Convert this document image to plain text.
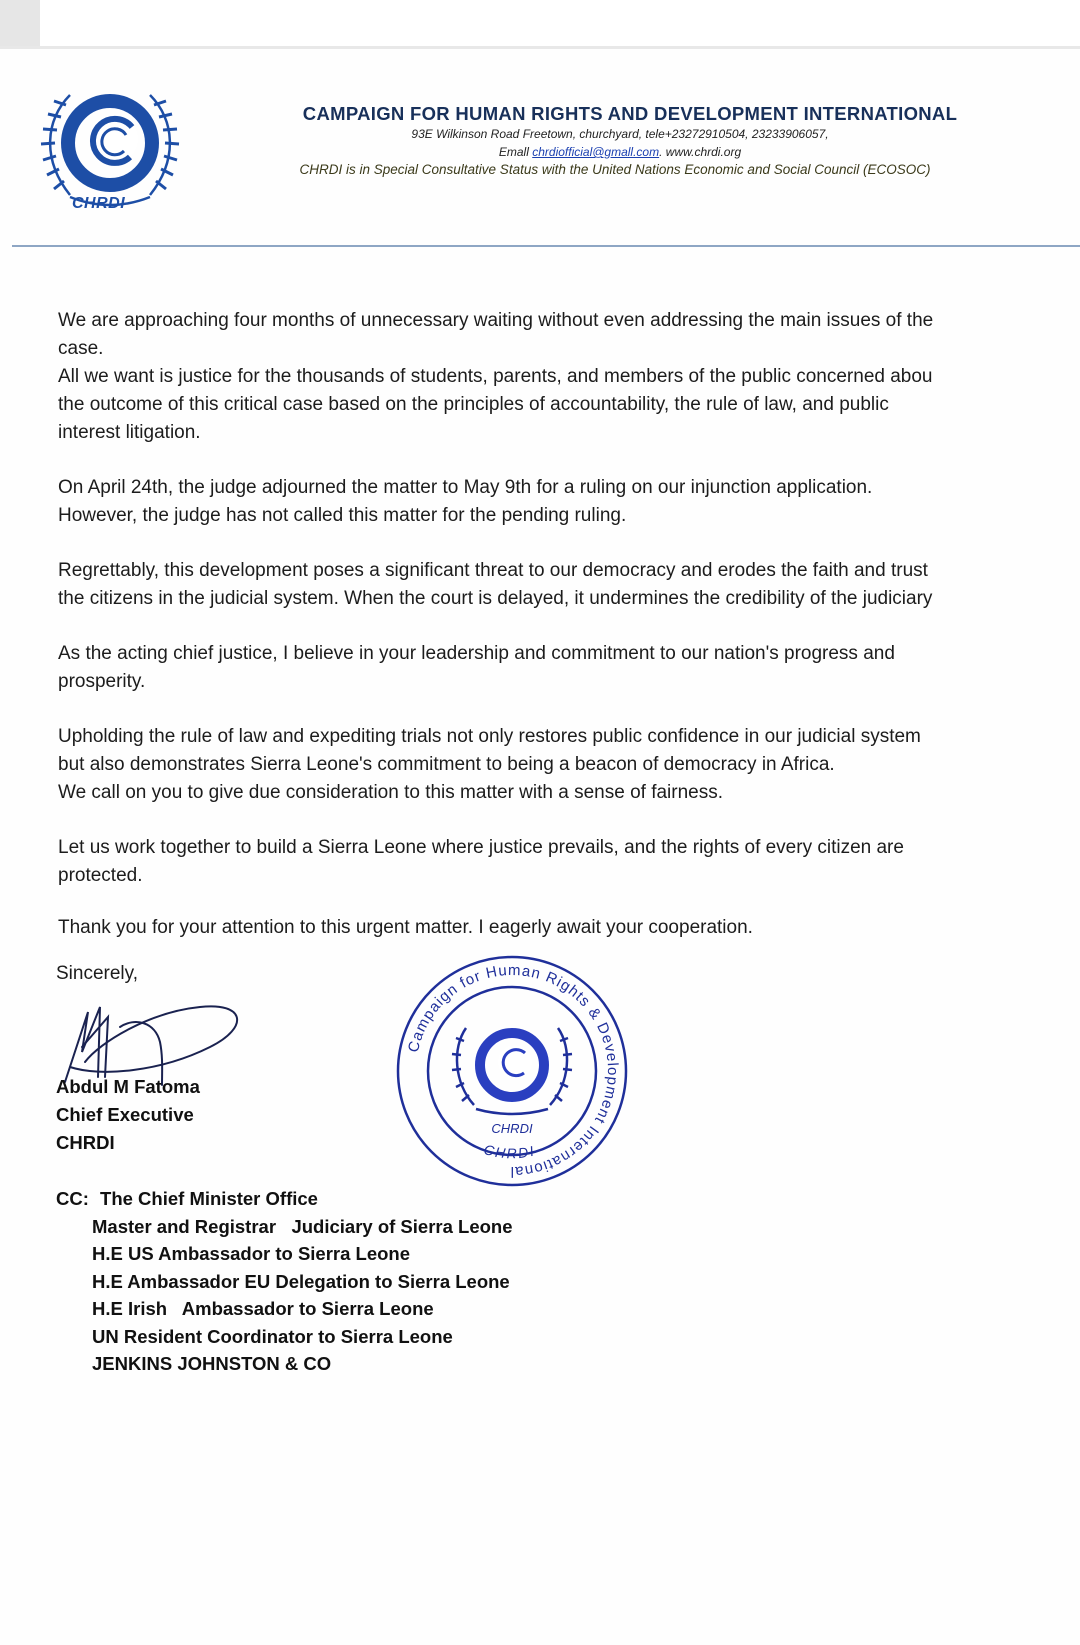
CHRDI
CAMPAIGN FOR HUMAN RIGHTS AND DEVELOPMENT INTERNATIONAL
93E Wilkinson Road Freetown, churchyard, tele+23272910504, 23233906057,
Emall chrdiofficial@gmall.com. www.chrdi.org
CHRDI is in Special Consultative Status with the United Nations Economic and Social Council (ECOSOC)

We are approaching four months of unnecessary waiting without even addressing the main issues of the

case.

All we want is justice for the thousands of students, parents, and members of the public concerned abou

the outcome of this critical case based on the principles of accountability, the rule of law, and public

interest litigation.

On April 24th, the judge adjourned the matter to May 9th for a ruling on our injunction application.

However, the judge has not called this matter for the pending ruling.

Regrettably, this development poses a significant threat to our democracy and erodes the faith and trust

the citizens in the judicial system. When the court is delayed, it undermines the credibility of the judiciary

As the acting chief justice, I believe in your leadership and commitment to our nation's progress and

prosperity.

Upholding the rule of law and expediting trials not only restores public confidence in our judicial system

but also demonstrates Sierra Leone's commitment to being a beacon of democracy in Africa.

We call on you to give due consideration to this matter with a sense of fairness.

Let us work together to build a Sierra Leone where justice prevails, and the rights of every citizen are

protected.

Thank you for your attention to this urgent matter. I eagerly await your cooperation.

Sincerely,
Abdul M Fatoma
Chief Executive
CHRDI
Campaign for Human Rights & Development International
· CHRDI ·
CHRDI
CC: The Chief Minister Office
Master and Registrar   Judiciary of Sierra Leone
H.E US Ambassador to Sierra Leone
H.E Ambassador EU Delegation to Sierra Leone
H.E Irish   Ambassador to Sierra Leone
UN Resident Coordinator to Sierra Leone
JENKINS JOHNSTON & CO
